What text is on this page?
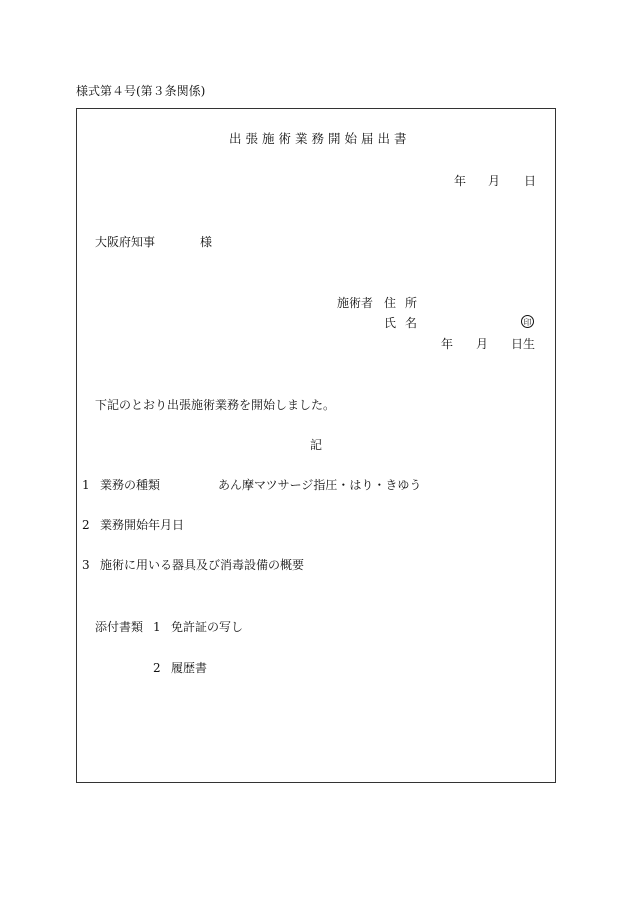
様式第４号(第３条関係)
出張施術業務開始届出書
年 月 日
大阪府知事	様
施術者 住 所
氏 名	印
年 月 日生
下記のとおり出張施術業務を開始しました。
記
1 業務の種類	あん摩マツサージ指圧・はり・きゆう
2 業務開始年月日
3 施術に用いる器具及び消毒設備の概要
添付書類 1 免許証の写し
2 履歴書
